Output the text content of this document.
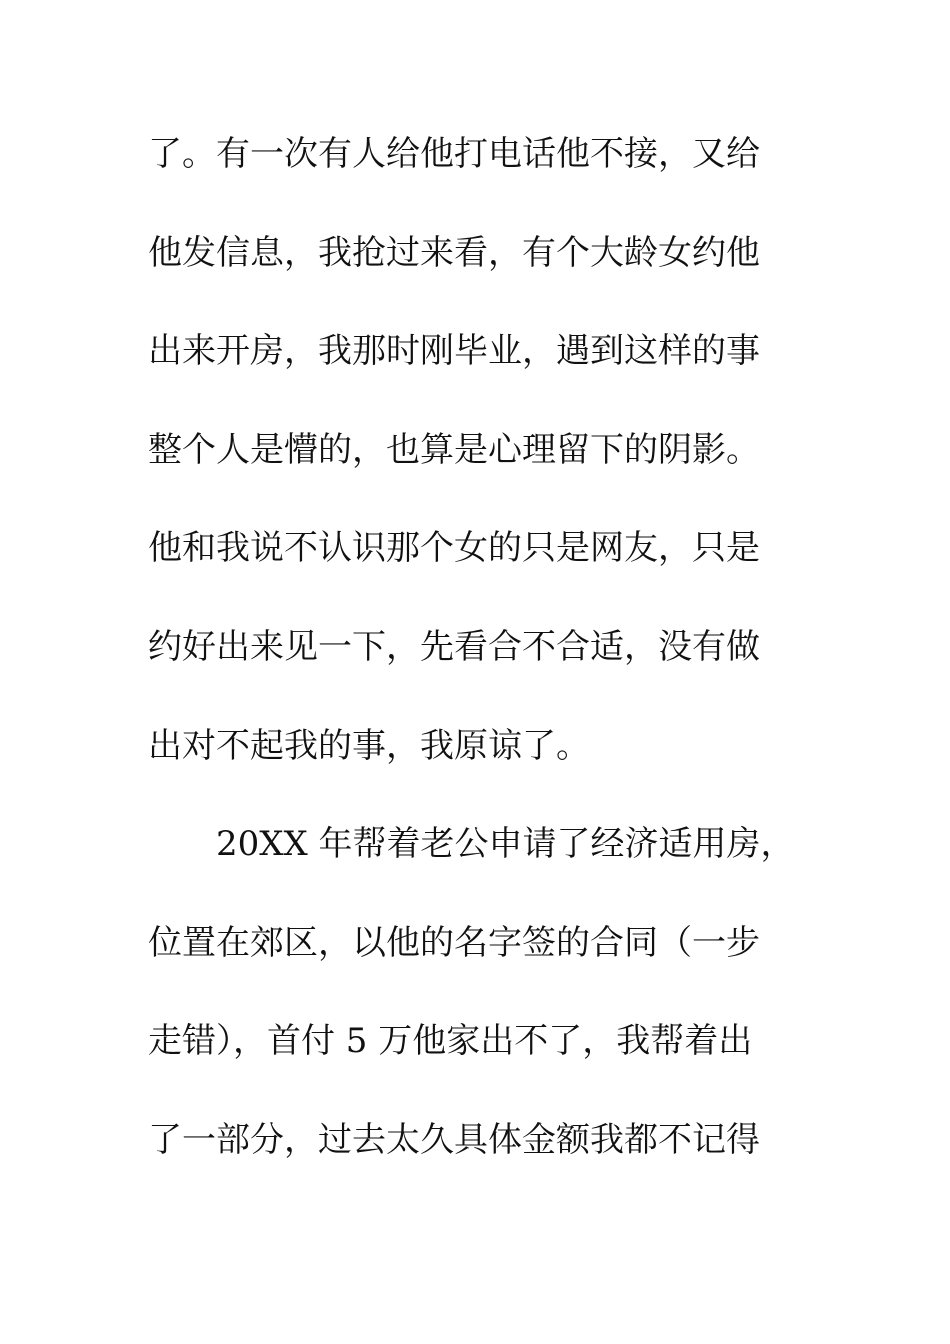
了。有一次有人给他打电话他不接，又给
他发信息，我抢过来看，有个大龄女约他
出来开房，我那时刚毕业，遇到这样的事
整个人是懵的，也算是心理留下的阴影。
他和我说不认识那个女的只是网友，只是
约好出来见一下，先看合不合适，没有做
出对不起我的事，我原谅了。
20XX 年帮着老公申请了经济适用房，
位置在郊区，以他的名字签的合同（一步
走错），首付 5 万他家出不了，我帮着出
了一部分，过去太久具体金额我都不记得
